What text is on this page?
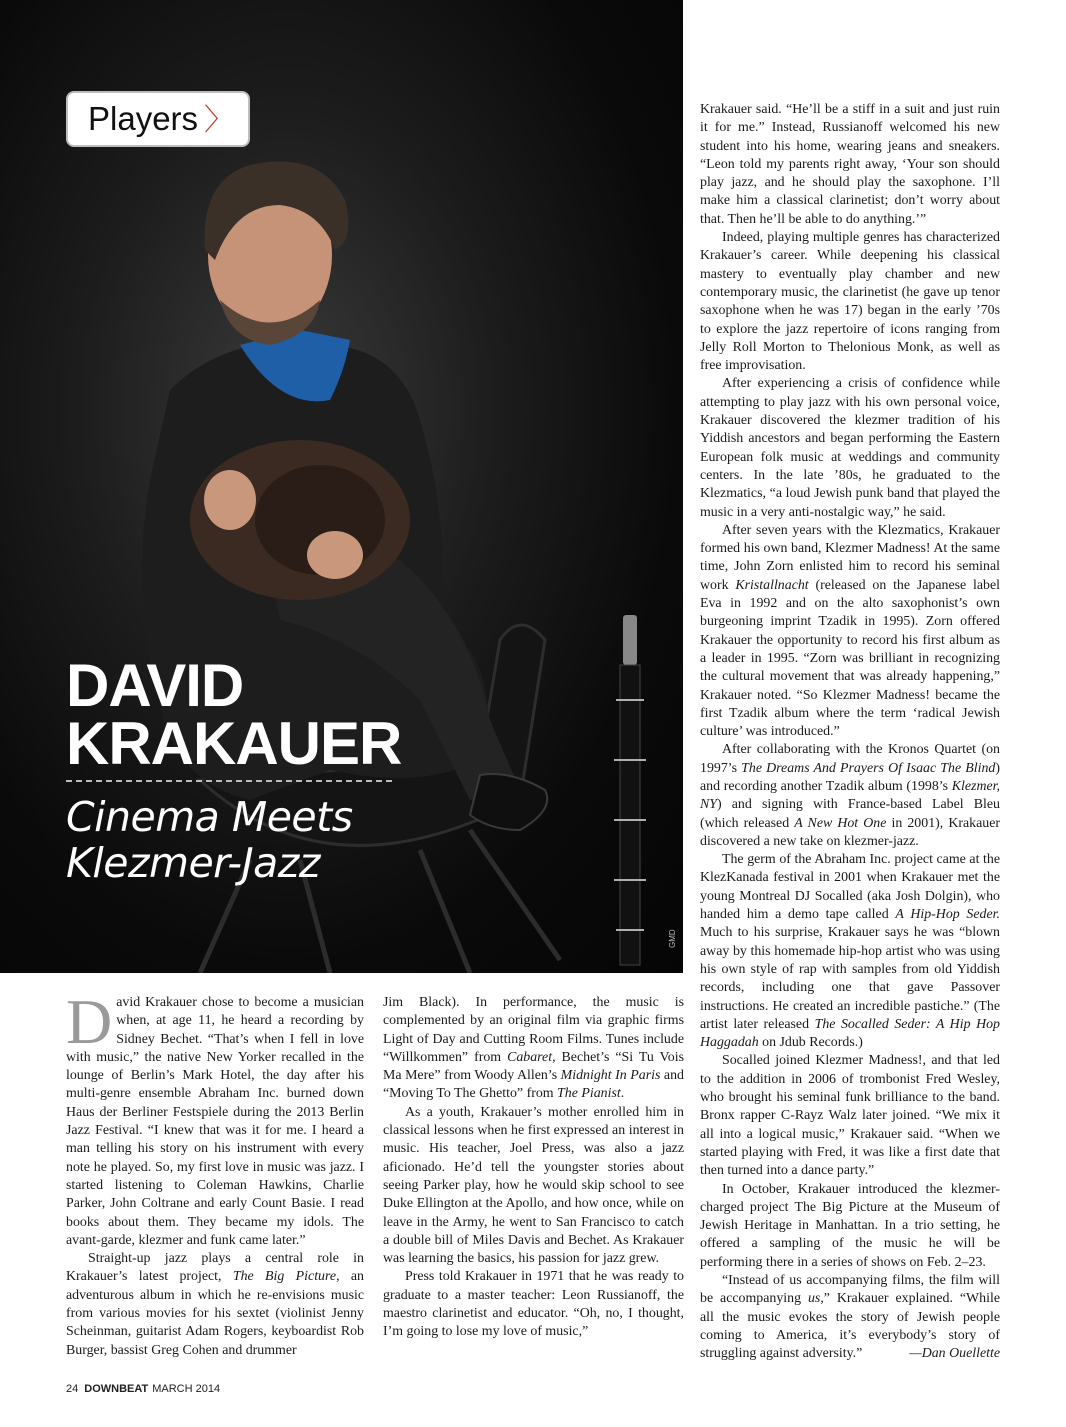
Players 〉
DAVID
KRAKAUER
Cinema Meets
Klezmer-Jazz
GMD

David Krakauer chose to become a musician when, at age 11, he heard a recording by Sidney Bechet. “That’s when I fell in love with music,” the native New Yorker recalled in the lounge of Berlin’s Mark Hotel, the day after his multi-genre ensemble Abraham Inc. burned down Haus der Berliner Festspiele during the 2013 Berlin Jazz Festival. “I knew that was it for me. I heard a man telling his story on his instrument with every note he played. So, my first love in music was jazz. I started listening to Coleman Hawkins, Charlie Parker, John Coltrane and early Count Basie. I read books about them. They became my idols. The avant-garde, klezmer and funk came later.”

Straight-up jazz plays a central role in Krakauer’s latest project, The Big Picture, an adventurous album in which he re-envisions music from various movies for his sextet (violinist Jenny Scheinman, guitarist Adam Rogers, keyboardist Rob Burger, bassist Greg Cohen and drummer

Jim Black). In performance, the music is complemented by an original film via graphic firms Light of Day and Cutting Room Films. Tunes include “Willkommen” from Cabaret, Bechet’s “Si Tu Vois Ma Mere” from Woody Allen’s Midnight In Paris and “Moving To The Ghetto” from The Pianist.

As a youth, Krakauer’s mother enrolled him in classical lessons when he first expressed an interest in music. His teacher, Joel Press, was also a jazz aficionado. He’d tell the youngster stories about seeing Parker play, how he would skip school to see Duke Ellington at the Apollo, and how once, while on leave in the Army, he went to San Francisco to catch a double bill of Miles Davis and Bechet. As Krakauer was learning the basics, his passion for jazz grew.

Press told Krakauer in 1971 that he was ready to graduate to a master teacher: Leon Russianoff, the maestro clarinetist and educator. “Oh, no, I thought, I’m going to lose my love of music,”

Krakauer said. “He’ll be a stiff in a suit and just ruin it for me.” Instead, Russianoff welcomed his new student into his home, wearing jeans and sneakers. “Leon told my parents right away, ‘Your son should play jazz, and he should play the saxophone. I’ll make him a classical clarinetist; don’t worry about that. Then he’ll be able to do anything.’”

Indeed, playing multiple genres has characterized Krakauer’s career. While deepening his classical mastery to eventually play chamber and new contemporary music, the clarinetist (he gave up tenor saxophone when he was 17) began in the early ’70s to explore the jazz repertoire of icons ranging from Jelly Roll Morton to Thelonious Monk, as well as free improvisation.

After experiencing a crisis of confidence while attempting to play jazz with his own personal voice, Krakauer discovered the klezmer tradition of his Yiddish ancestors and began performing the Eastern European folk music at weddings and community centers. In the late ’80s, he graduated to the Klezmatics, “a loud Jewish punk band that played the music in a very anti-nostalgic way,” he said.

After seven years with the Klezmatics, Krakauer formed his own band, Klezmer Madness! At the same time, John Zorn enlisted him to record his seminal work Kristallnacht (released on the Japanese label Eva in 1992 and on the alto saxophonist’s own burgeoning imprint Tzadik in 1995). Zorn offered Krakauer the opportunity to record his first album as a leader in 1995. “Zorn was brilliant in recognizing the cultural movement that was already happening,” Krakauer noted. “So Klezmer Madness! became the first Tzadik album where the term ‘radical Jewish culture’ was introduced.”

After collaborating with the Kronos Quartet (on 1997’s The Dreams And Prayers Of Isaac The Blind) and recording another Tzadik album (1998’s Klezmer, NY) and signing with France-based Label Bleu (which released A New Hot One in 2001), Krakauer discovered a new take on klezmer-jazz.

The germ of the Abraham Inc. project came at the KlezKanada festival in 2001 when Krakauer met the young Montreal DJ Socalled (aka Josh Dolgin), who handed him a demo tape called A Hip-Hop Seder. Much to his surprise, Krakauer says he was “blown away by this homemade hip-hop artist who was using his own style of rap with samples from old Yiddish records, including one that gave Passover instructions. He created an incredible pastiche.” (The artist later released The Socalled Seder: A Hip Hop Haggadah on Jdub Records.)

Socalled joined Klezmer Madness!, and that led to the addition in 2006 of trombonist Fred Wesley, who brought his seminal funk brilliance to the band. Bronx rapper C-Rayz Walz later joined. “We mix it all into a logical music,” Krakauer said. “When we started playing with Fred, it was like a first date that then turned into a dance party.”

In October, Krakauer introduced the klezmer-charged project The Big Picture at the Museum of Jewish Heritage in Manhattan. In a trio setting, he offered a sampling of the music he will be performing there in a series of shows on Feb. 2–23.

“Instead of us accompanying films, the film will be accompanying us,” Krakauer explained. “While all the music evokes the story of Jewish people coming to America, it’s everybody’s story of struggling against adversity.”	—Dan Ouellette

24 DOWNBEAT MARCH 2014
